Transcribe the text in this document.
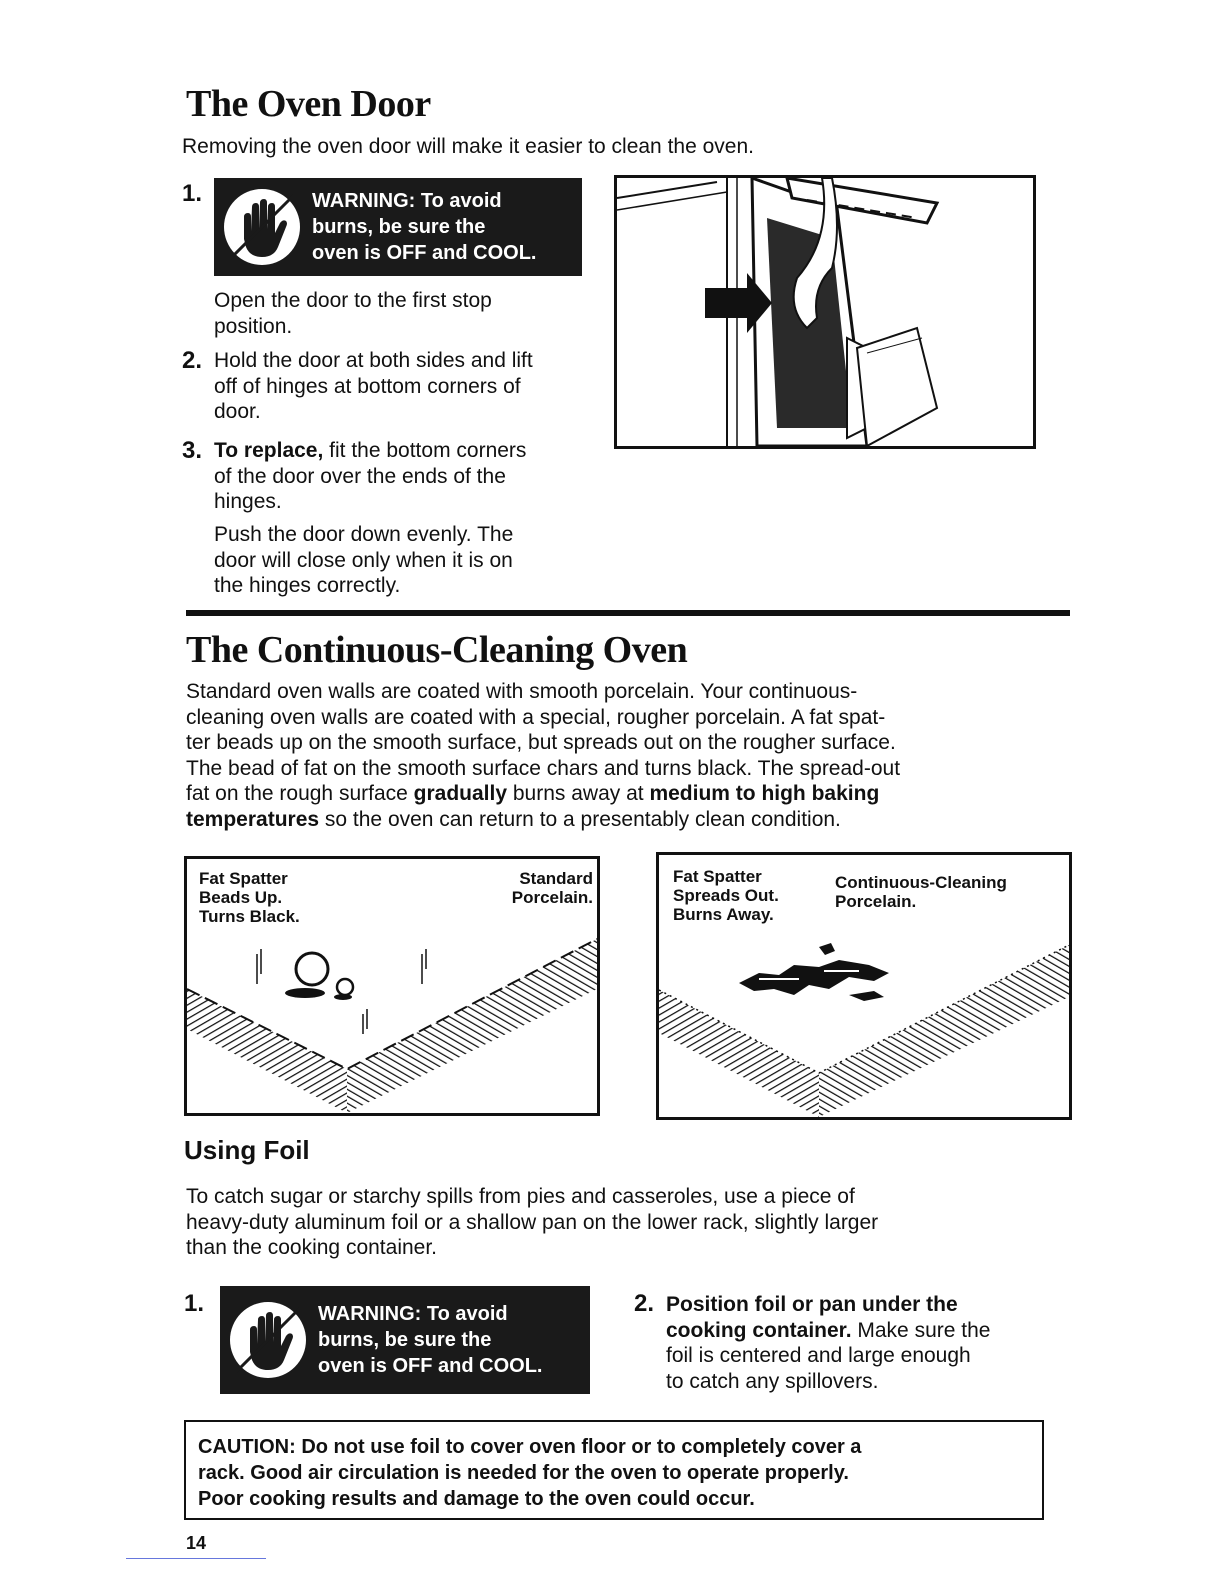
The Oven Door
Removing the oven door will make it easier to clean the oven.
1.	WARNING: To avoid
burns, be sure the
oven is OFF and COOL.
Open the door to the first stop
position.
2. Hold the door at both sides and lift
off of hinges at bottom corners of
door.
3. To replace, fit the bottom corners
of the door over the ends of the
hinges.
Push the door down evenly. The
door will close only when it is on
the hinges correctly.
The Continuous-Cleaning Oven
Standard oven walls are coated with smooth porcelain. Your continuous-
cleaning oven walls are coated with a special, rougher porcelain. A fat spat-
ter beads up on the smooth surface, but spreads out on the rougher surface.
The bead of fat on the smooth surface chars and turns black. The spread-out
fat on the rough surface gradually burns away at medium to high baking
temperatures so the oven can return to a presentably clean condition.
Fat Spatter
Beads Up.
Turns Black.
Standard
Porcelain.
Fat Spatter
Spreads Out.
Burns Away.
Continuous-Cleaning
Porcelain.
Using Foil
To catch sugar or starchy spills from pies and casseroles, use a piece of
heavy-duty aluminum foil or a shallow pan on the lower rack, slightly larger
than the cooking container.
1.	WARNING: To avoid
burns, be sure the
oven is OFF and COOL.
2. Position foil or pan under the
cooking container. Make sure the
foil is centered and large enough
to catch any spillovers.
CAUTION: Do not use foil to cover oven floor or to completely cover a
rack. Good air circulation is needed for the oven to operate properly.
Poor cooking results and damage to the oven could occur.
14
